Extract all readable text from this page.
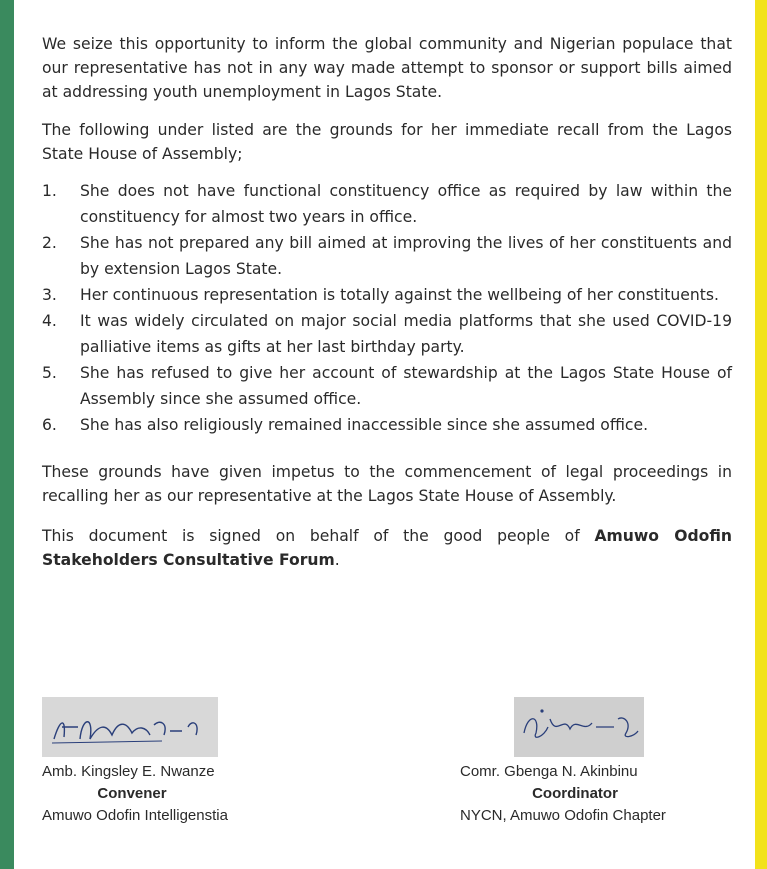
We seize this opportunity to inform the global community and Nigerian populace that our representative has not in any way made attempt to sponsor or support bills aimed at addressing youth unemployment in Lagos State.

The following under listed are the grounds for her immediate recall from the Lagos State House of Assembly;

1. She does not have functional constituency office as required by law within the constituency for almost two years in office.
2. She has not prepared any bill aimed at improving the lives of her constituents and by extension Lagos State.
3. Her continuous representation is totally against the wellbeing of her constituents.
4. It was widely circulated on major social media platforms that she used COVID-19 palliative items as gifts at her last birthday party.
5. She has refused to give her account of stewardship at the Lagos State House of Assembly since she assumed office.
6. She has also religiously remained inaccessible since she assumed office.

These grounds have given impetus to the commencement of legal proceedings in recalling her as our representative at the Lagos State House of Assembly.

This document is signed on behalf of the good people of Amuwo Odofin Stakeholders Consultative Forum.

Amb. Kingsley E. Nwanze
Convener
Amuwo Odofin Intelligenstia
Comr. Gbenga N. Akinbinu
Coordinator
NYCN, Amuwo Odofin Chapter
